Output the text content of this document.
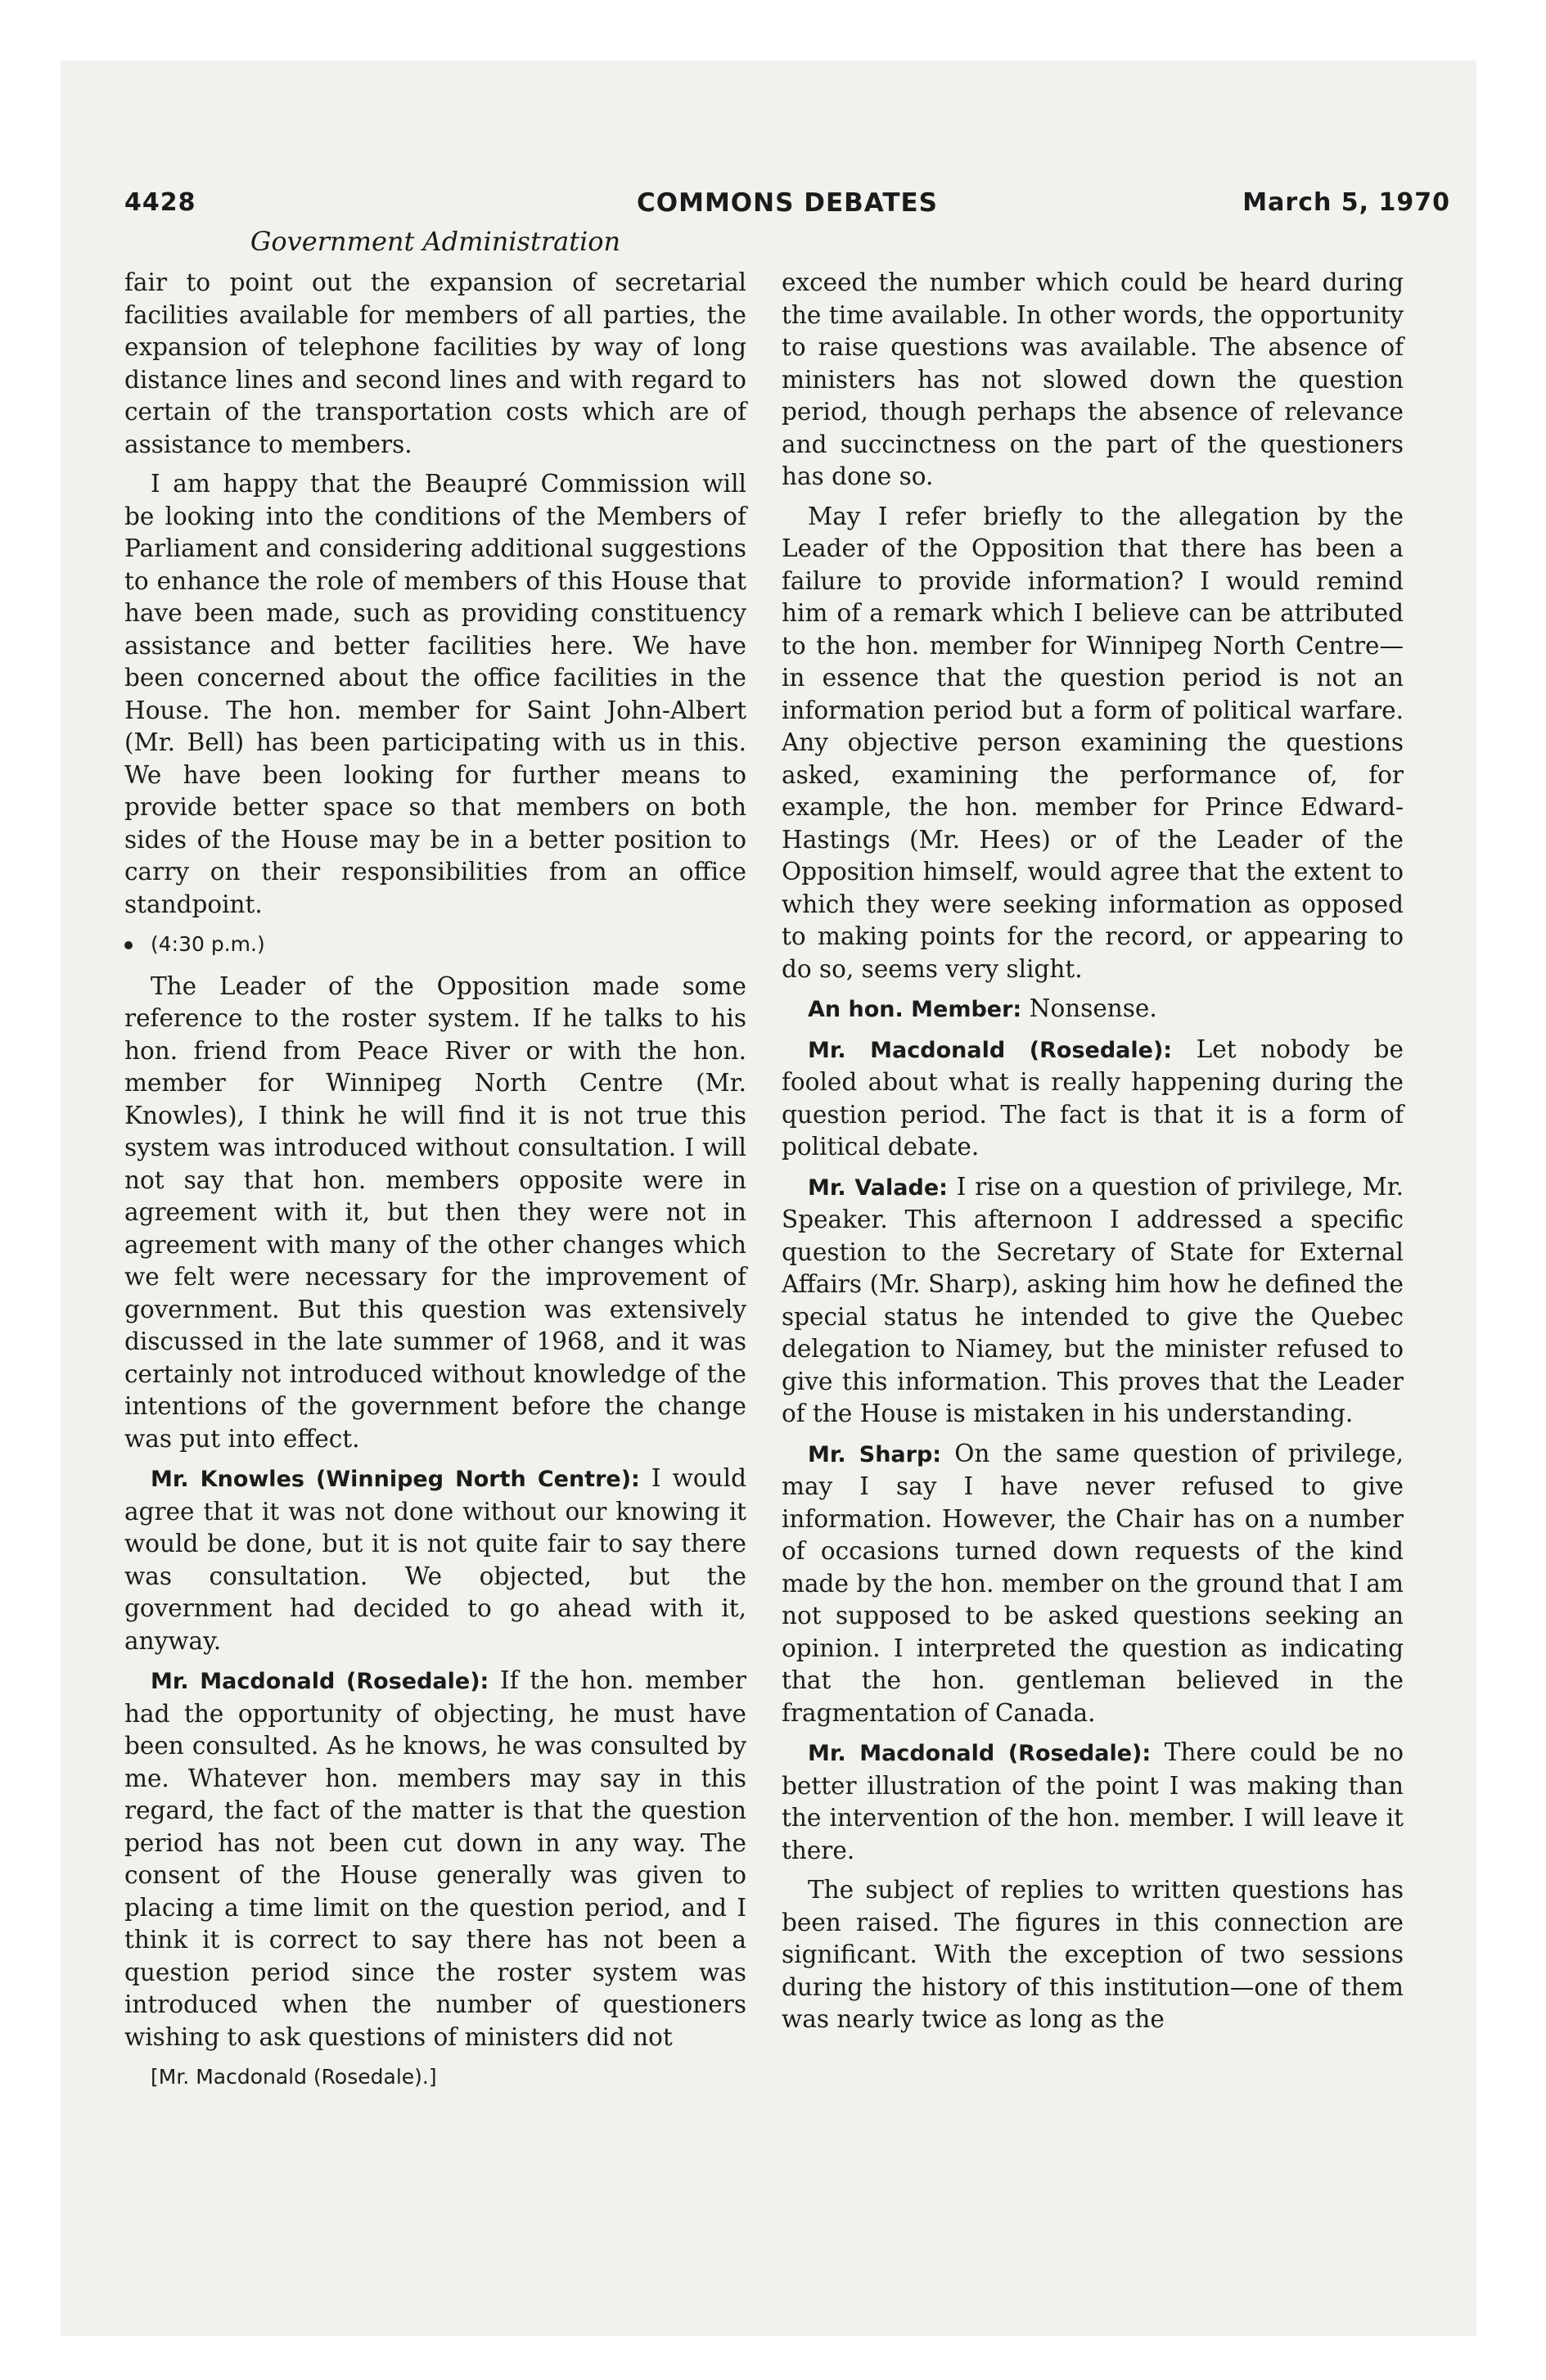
4428	COMMONS DEBATES	March 5, 1970
Government Administration

fair to point out the expansion of secretarial facilities available for members of all parties, the expansion of telephone facilities by way of long distance lines and second lines and with regard to certain of the transportation costs which are of assistance to members.

I am happy that the Beaupré Commission will be looking into the conditions of the Members of Parliament and considering additional suggestions to enhance the role of members of this House that have been made, such as providing constituency assistance and better facilities here. We have been concerned about the office facilities in the House. The hon. member for Saint John-Albert (Mr. Bell) has been participating with us in this. We have been looking for further means to provide better space so that members on both sides of the House may be in a better position to carry on their responsibilities from an office standpoint.

(4:30 p.m.)

The Leader of the Opposition made some reference to the roster system. If he talks to his hon. friend from Peace River or with the hon. member for Winnipeg North Centre (Mr. Knowles), I think he will find it is not true this system was introduced without consultation. I will not say that hon. members opposite were in agreement with it, but then they were not in agreement with many of the other changes which we felt were necessary for the improvement of government. But this question was extensively discussed in the late summer of 1968, and it was certainly not introduced without knowledge of the intentions of the government before the change was put into effect.

Mr. Knowles (Winnipeg North Centre): I would agree that it was not done without our knowing it would be done, but it is not quite fair to say there was consultation. We objected, but the government had decided to go ahead with it, anyway.

Mr. Macdonald (Rosedale): If the hon. member had the opportunity of objecting, he must have been consulted. As he knows, he was consulted by me. Whatever hon. members may say in this regard, the fact of the matter is that the question period has not been cut down in any way. The consent of the House generally was given to placing a time limit on the question period, and I think it is correct to say there has not been a question period since the roster system was introduced when the number of questioners wishing to ask questions of ministers did not

[Mr. Macdonald (Rosedale).]

exceed the number which could be heard during the time available. In other words, the opportunity to raise questions was available. The absence of ministers has not slowed down the question period, though perhaps the absence of relevance and succinctness on the part of the questioners has done so.

May I refer briefly to the allegation by the Leader of the Opposition that there has been a failure to provide information? I would remind him of a remark which I believe can be attributed to the hon. member for Winnipeg North Centre—in essence that the question period is not an information period but a form of political warfare. Any objective person examining the questions asked, examining the performance of, for example, the hon. member for Prince Edward-Hastings (Mr. Hees) or of the Leader of the Opposition himself, would agree that the extent to which they were seeking information as opposed to making points for the record, or appearing to do so, seems very slight.

An hon. Member: Nonsense.

Mr. Macdonald (Rosedale): Let nobody be fooled about what is really happening during the question period. The fact is that it is a form of political debate.

Mr. Valade: I rise on a question of privilege, Mr. Speaker. This afternoon I addressed a specific question to the Secretary of State for External Affairs (Mr. Sharp), asking him how he defined the special status he intended to give the Quebec delegation to Niamey, but the minister refused to give this information. This proves that the Leader of the House is mistaken in his understanding.

Mr. Sharp: On the same question of privilege, may I say I have never refused to give information. However, the Chair has on a number of occasions turned down requests of the kind made by the hon. member on the ground that I am not supposed to be asked questions seeking an opinion. I interpreted the question as indicating that the hon. gentleman believed in the fragmentation of Canada.

Mr. Macdonald (Rosedale): There could be no better illustration of the point I was making than the intervention of the hon. member. I will leave it there.

The subject of replies to written questions has been raised. The figures in this connection are significant. With the exception of two sessions during the history of this institution—one of them was nearly twice as long as the
